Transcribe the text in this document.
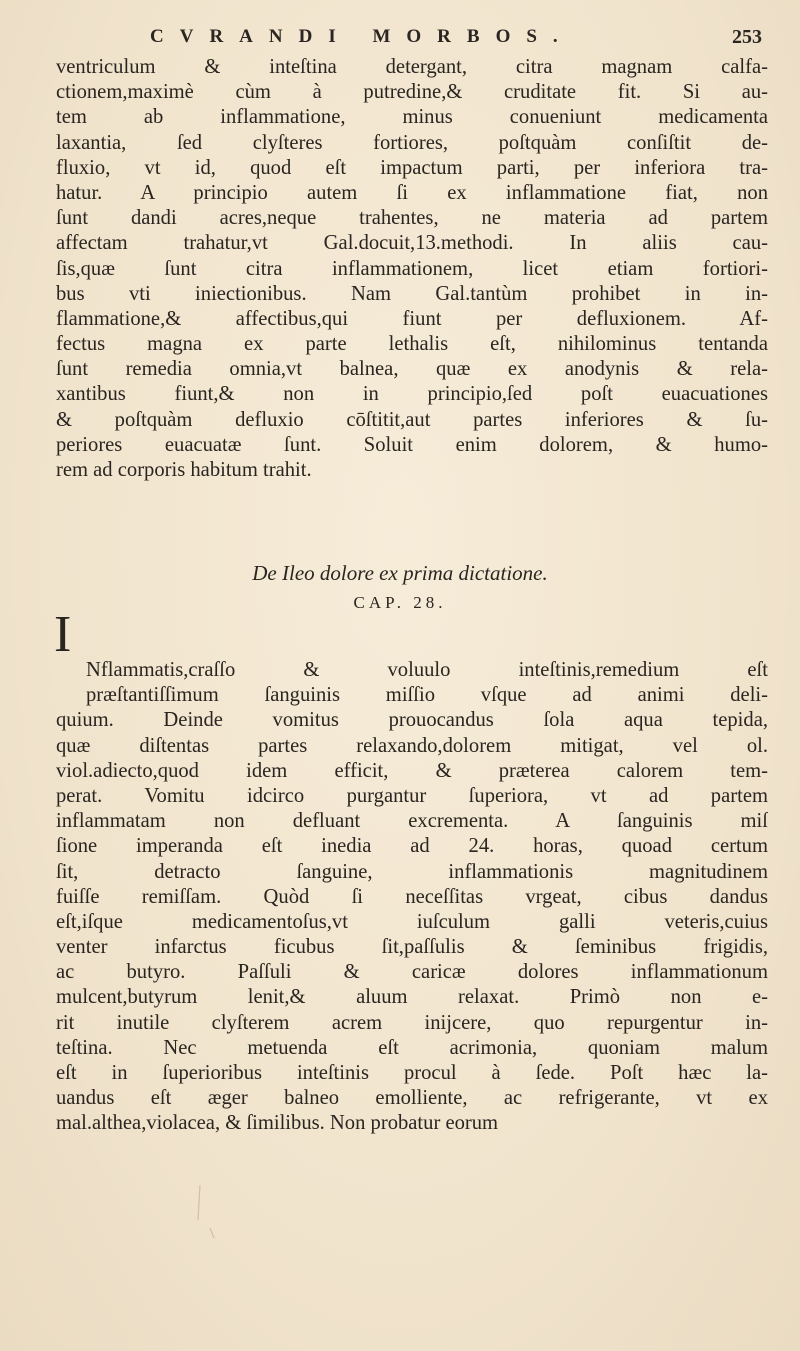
CVRANDI MORBOS.	253
ventriculum & inteſtina detergant, citra magnam calfa-
ctionem,maximè cùm à putredine,& cruditate fit. Si au-
tem ab inflammatione, minus conueniunt medicamenta
laxantia, ſed clyſteres fortiores, poſtquàm conſiſtit de-
fluxio, vt id, quod eſt impactum parti, per inferiora tra-
hatur. A principio autem ſi ex inflammatione fiat, non
ſunt dandi acres,neque trahentes, ne materia ad partem
affectam trahatur,vt Gal.docuit,13.methodi. In aliis cau-
ſis,quæ ſunt citra inflammationem, licet etiam fortiori-
bus vti iniectionibus. Nam Gal.tantùm prohibet in in-
flammatione,& affectibus,qui fiunt per defluxionem. Af-
fectus magna ex parte lethalis eſt, nihilominus tentanda
ſunt remedia omnia,vt balnea, quæ ex anodynis & rela-
xantibus fiunt,& non in principio,ſed poſt euacuationes
& poſtquàm defluxio cōſtitit,aut partes inferiores & ſu-
periores euacuatæ ſunt. Soluit enim dolorem, & humo-
rem ad corporis habitum trahit.
De Ileo dolore ex prima dictatione.
CAP. 28.
I
Nflammatis,craſſo & voluulo inteſtinis,remedium eſt
præſtantiſſimum ſanguinis miſſio vſque ad animi deli-
quium. Deinde vomitus prouocandus ſola aqua tepida,
quæ diſtentas partes relaxando,dolorem mitigat, vel ol.
viol.adiecto,quod idem efficit, & præterea calorem tem-
perat. Vomitu idcirco purgantur ſuperiora, vt ad partem
inflammatam non defluant excrementa. A ſanguinis miſ
ſione imperanda eſt inedia ad 24. horas, quoad certum
ſit, detracto ſanguine, inflammationis magnitudinem
fuiſſe remiſſam. Quòd ſi neceſſitas vrgeat, cibus dandus
eſt,iſque medicamentoſus,vt iuſculum galli veteris,cuius
venter infarctus ficubus ſit,paſſulis & ſeminibus frigidis,
ac butyro. Paſſuli & caricæ dolores inflammationum
mulcent,butyrum lenit,& aluum relaxat. Primò non e-
rit inutile clyſterem acrem inijcere, quo repurgentur in-
teſtina. Nec metuenda eſt acrimonia, quoniam malum
eſt in ſuperioribus inteſtinis procul à ſede. Poſt hæc la-
uandus eſt æger balneo emolliente, ac refrigerante, vt ex
mal.althea,violacea, & ſimilibus. Non probatur eorum
